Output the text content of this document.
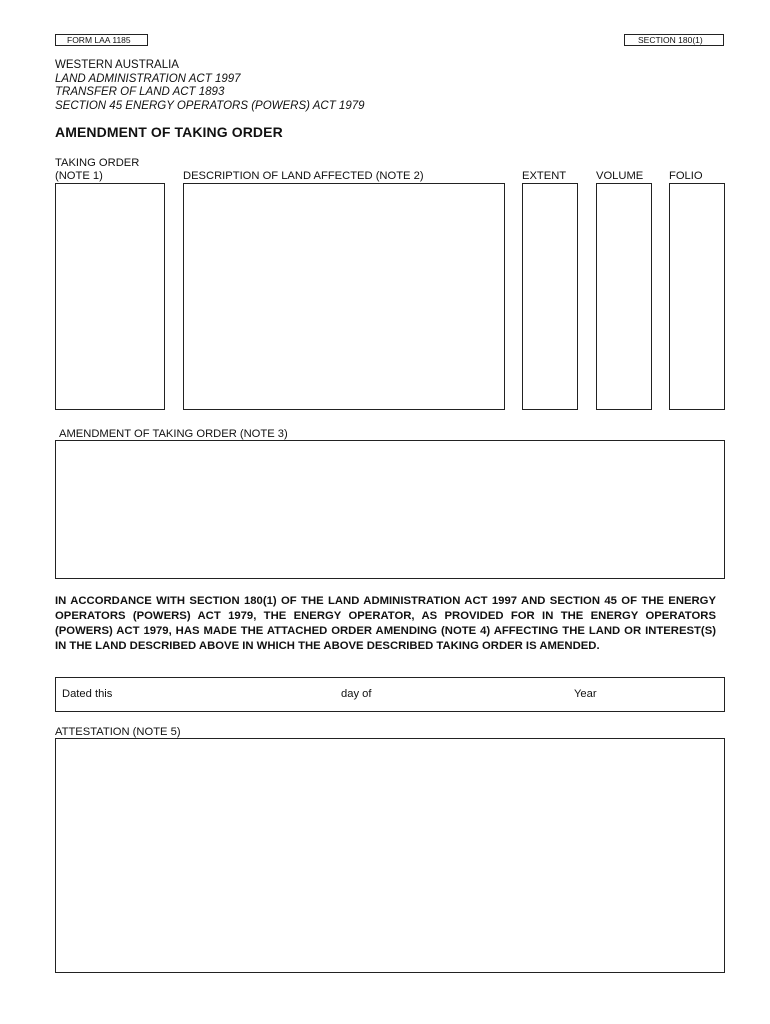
FORM LAA 1185	SECTION 180(1)
WESTERN AUSTRALIA
LAND ADMINISTRATION ACT 1997
TRANSFER OF LAND ACT 1893
SECTION 45 ENERGY OPERATORS (POWERS) ACT 1979
AMENDMENT OF TAKING ORDER
TAKING ORDER
(NOTE 1)	DESCRIPTION OF LAND AFFECTED (NOTE 2)	EXTENT	VOLUME FOLIO
AMENDMENT OF TAKING ORDER (NOTE 3)
IN ACCORDANCE WITH SECTION 180(1) OF THE LAND ADMINISTRATION ACT 1997 AND SECTION 45 OF THE ENERGY OPERATORS (POWERS) ACT 1979, THE ENERGY OPERATOR, AS PROVIDED FOR IN THE ENERGY OPERATORS (POWERS) ACT 1979, HAS MADE THE ATTACHED ORDER AMENDING (NOTE 4) AFFECTING THE LAND OR INTEREST(S) IN THE LAND DESCRIBED ABOVE IN WHICH THE ABOVE DESCRIBED TAKING ORDER IS AMENDED.
Dated this	day of	Year
ATTESTATION (NOTE 5)
